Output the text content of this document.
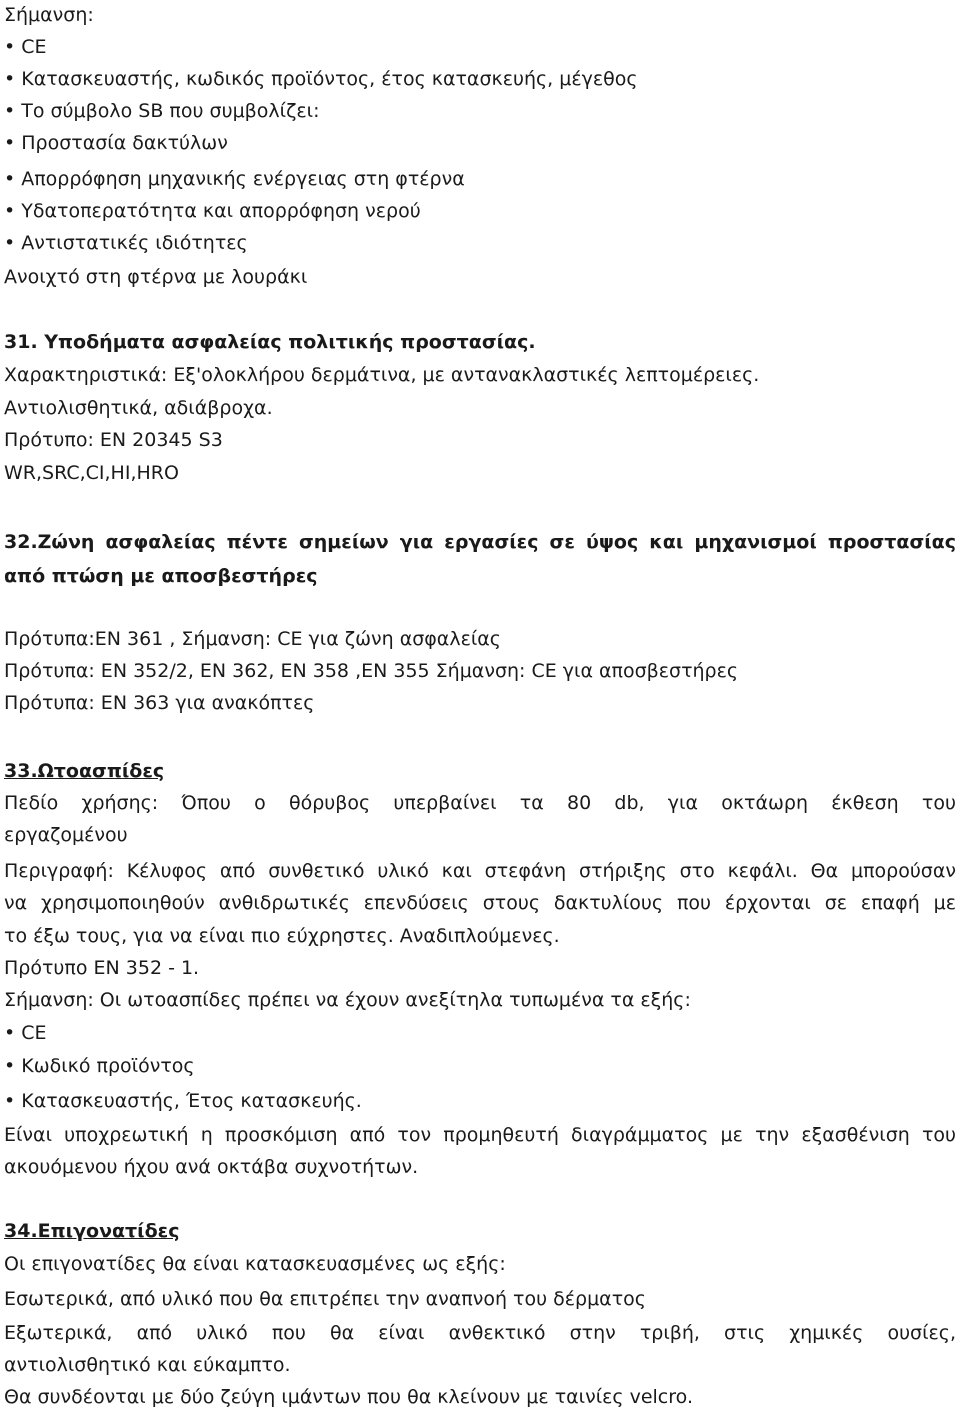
Σήμανση:
• CE
• Κατασκευαστής, κωδικός προϊόντος, έτος κατασκευής, μέγεθος
• Το σύμβολο SB που συμβολίζει:
• Προστασία δακτύλων
• Απορρόφηση μηχανικής ενέργειας στη φτέρνα
• Υδατοπερατότητα και απορρόφηση νερού
• Αντιστατικές ιδιότητες
Ανοιχτό στη φτέρνα με λουράκι
31. Υποδήματα ασφαλείας πολιτικής προστασίας.
Χαρακτηριστικά: Εξ'ολοκλήρου δερμάτινα, με αντανακλαστικές λεπτομέρειες.
Αντιολισθητικά, αδιάβροχα.
Πρότυπο: EN 20345 S3
WR,SRC,CI,HI,HRO
32.Ζώνη ασφαλείας πέντε σημείων για εργασίες σε ύψος και μηχανισμοί προστασίας
από πτώση με αποσβεστήρες
Πρότυπα:EN 361 , Σήμανση: CE για ζώνη ασφαλείας
Πρότυπα: EN 352/2, EN 362, EN 358 ,EN 355 Σήμανση: CE για αποσβεστήρες
Πρότυπα: EN 363 για ανακόπτες
33.Ωτοασπίδες
Πεδίο χρήσης: Όπου ο θόρυβος υπερβαίνει τα 80 db, για οκτάωρη έκθεση του
εργαζομένου
Περιγραφή: Κέλυφος από συνθετικό υλικό και στεφάνη στήριξης στο κεφάλι. Θα μπορούσαν
να χρησιμοποιηθούν ανθιδρωτικές επενδύσεις στους δακτυλίους που έρχονται σε επαφή με
το έξω τους, για να είναι πιο εύχρηστες. Αναδιπλούμενες.
Πρότυπο EN 352 - 1.
Σήμανση: Οι ωτοασπίδες πρέπει να έχουν ανεξίτηλα τυπωμένα τα εξής:
• CE
• Κωδικό προϊόντος
• Κατασκευαστής, Έτος κατασκευής.
Είναι υποχρεωτική η προσκόμιση από τον προμηθευτή διαγράμματος με την εξασθένιση του
ακουόμενου ήχου ανά οκτάβα συχνοτήτων.
34.Επιγονατίδες
Οι επιγονατίδες θα είναι κατασκευασμένες ως εξής:
Εσωτερικά, από υλικό που θα επιτρέπει την αναπνοή του δέρματος
Εξωτερικά, από υλικό που θα είναι ανθεκτικό στην τριβή, στις χημικές ουσίες,
αντιολισθητικό και εύκαμπτο.
Θα συνδέονται με δύο ζεύγη ιμάντων που θα κλείνουν με ταινίες velcro.
